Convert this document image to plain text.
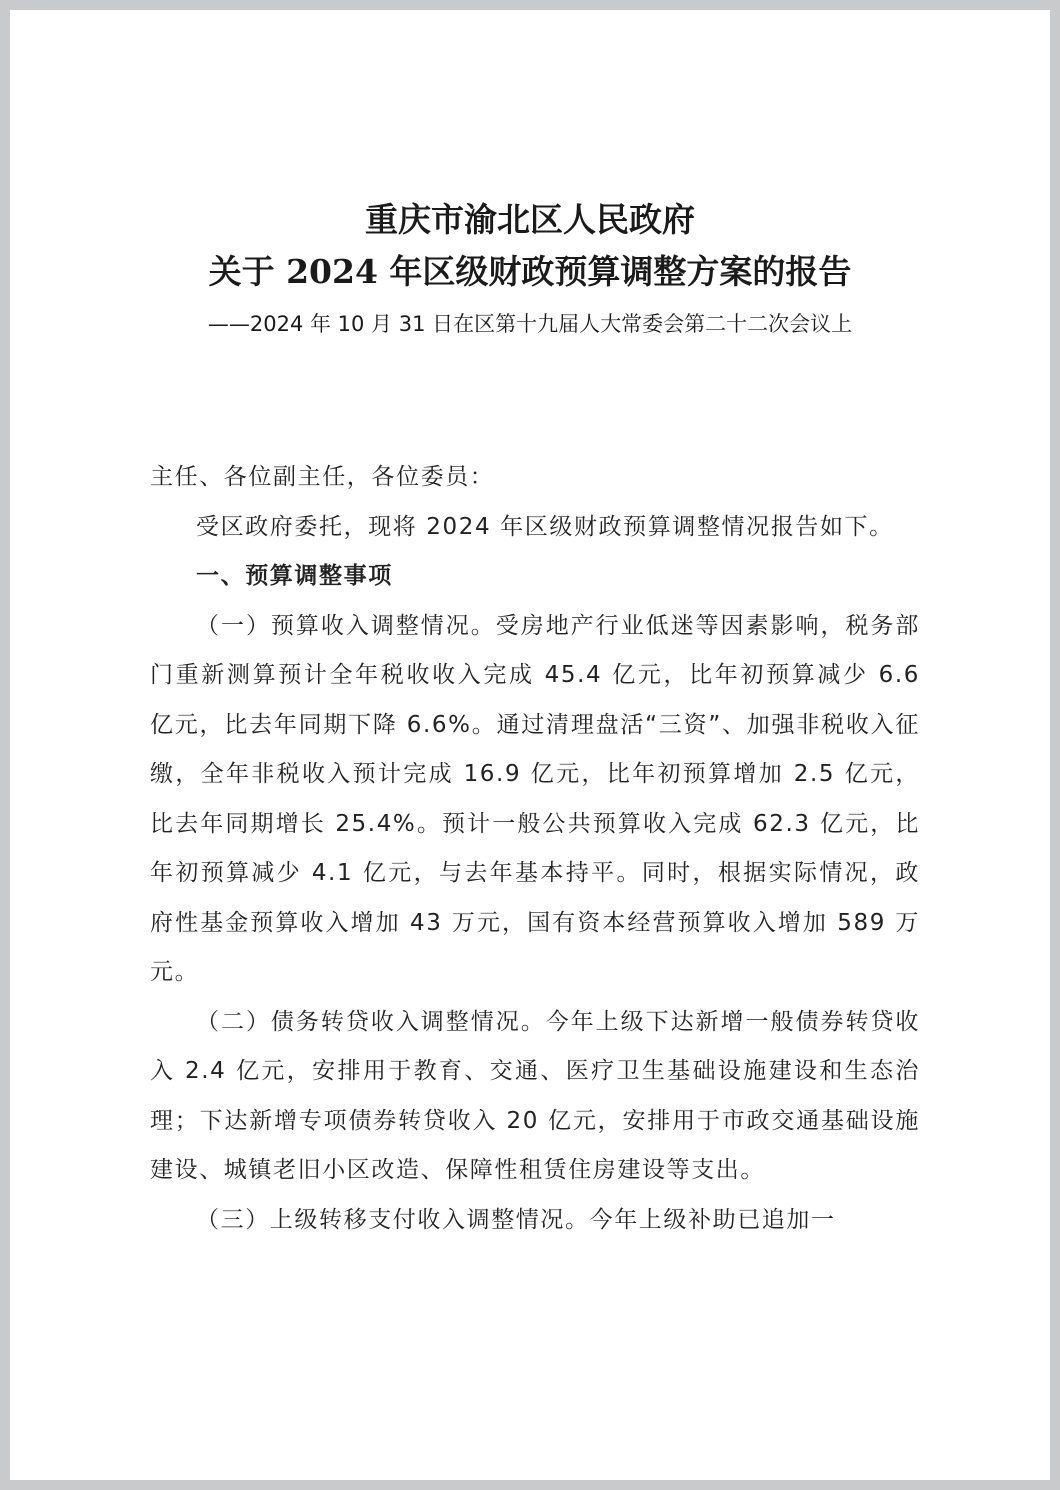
重庆市渝北区人民政府
关于 2024 年区级财政预算调整方案的报告
——2024 年 10 月 31 日在区第十九届人大常委会第二十二次会议上

主任、各位副主任，各位委员：

受区政府委托，现将 2024 年区级财政预算调整情况报告如下。

一、预算调整事项

（一）预算收入调整情况。受房地产行业低迷等因素影响，税务部门重新测算预计全年税收收入完成 45.4 亿元，比年初预算减少 6.6 亿元，比去年同期下降 6.6%。通过清理盘活“三资”、加强非税收入征缴，全年非税收入预计完成 16.9 亿元，比年初预算增加 2.5 亿元，比去年同期增长 25.4%。预计一般公共预算收入完成 62.3 亿元，比年初预算减少 4.1 亿元，与去年基本持平。同时，根据实际情况，政府性基金预算收入增加 43 万元，国有资本经营预算收入增加 589 万元。

（二）债务转贷收入调整情况。今年上级下达新增一般债券转贷收入 2.4 亿元，安排用于教育、交通、医疗卫生基础设施建设和生态治理；下达新增专项债券转贷收入 20 亿元，安排用于市政交通基础设施建设、城镇老旧小区改造、保障性租赁住房建设等支出。

（三）上级转移支付收入调整情况。今年上级补助已追加一
